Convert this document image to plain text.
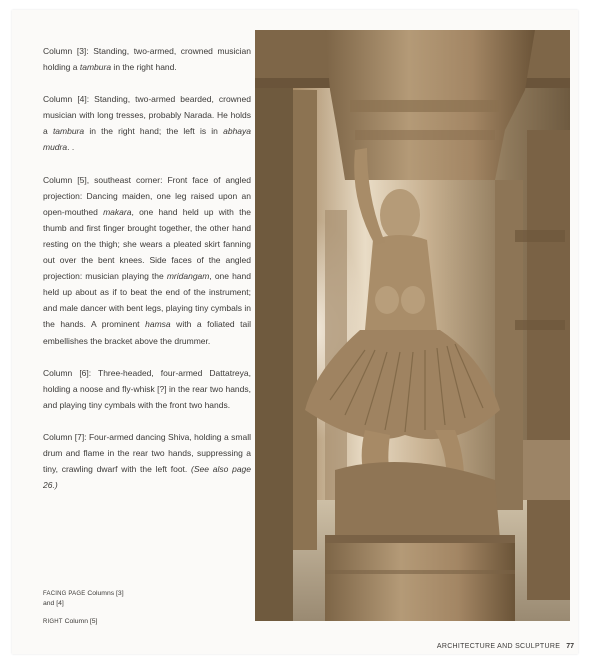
Column [3]: Standing, two-armed, crowned musician holding a tambura in the right hand.

Column [4]: Standing, two-armed bearded, crowned musician with long tresses, probably Narada. He holds a tambura in the right hand; the left is in abhaya mudra. .

Column [5], southeast corner: Front face of angled projection: Dancing maiden, one leg raised upon an open-mouthed makara, one hand held up with the thumb and first finger brought together, the other hand resting on the thigh; she wears a pleated skirt fanning out over the bent knees. Side faces of the angled projection: musician playing the mridangam, one hand held up about as if to beat the end of the instrument; and male dancer with bent legs, playing tiny cymbals in the hands. A prominent hamsa with a foliated tail embellishes the bracket above the drummer.

Column [6]: Three-headed, four-armed Dattatreya, holding a noose and fly-whisk [?] in the rear two hands, and playing tiny cymbals with the front two hands.

Column [7]: Four-armed dancing Shiva, holding a small drum and flame in the rear two hands, suppressing a tiny, crawling dwarf with the left foot. (See also page 26.)

FACING PAGE Columns [3]
and [4]
RIGHT Column [5]
ARCHITECTURE AND SCULPTURE 77
